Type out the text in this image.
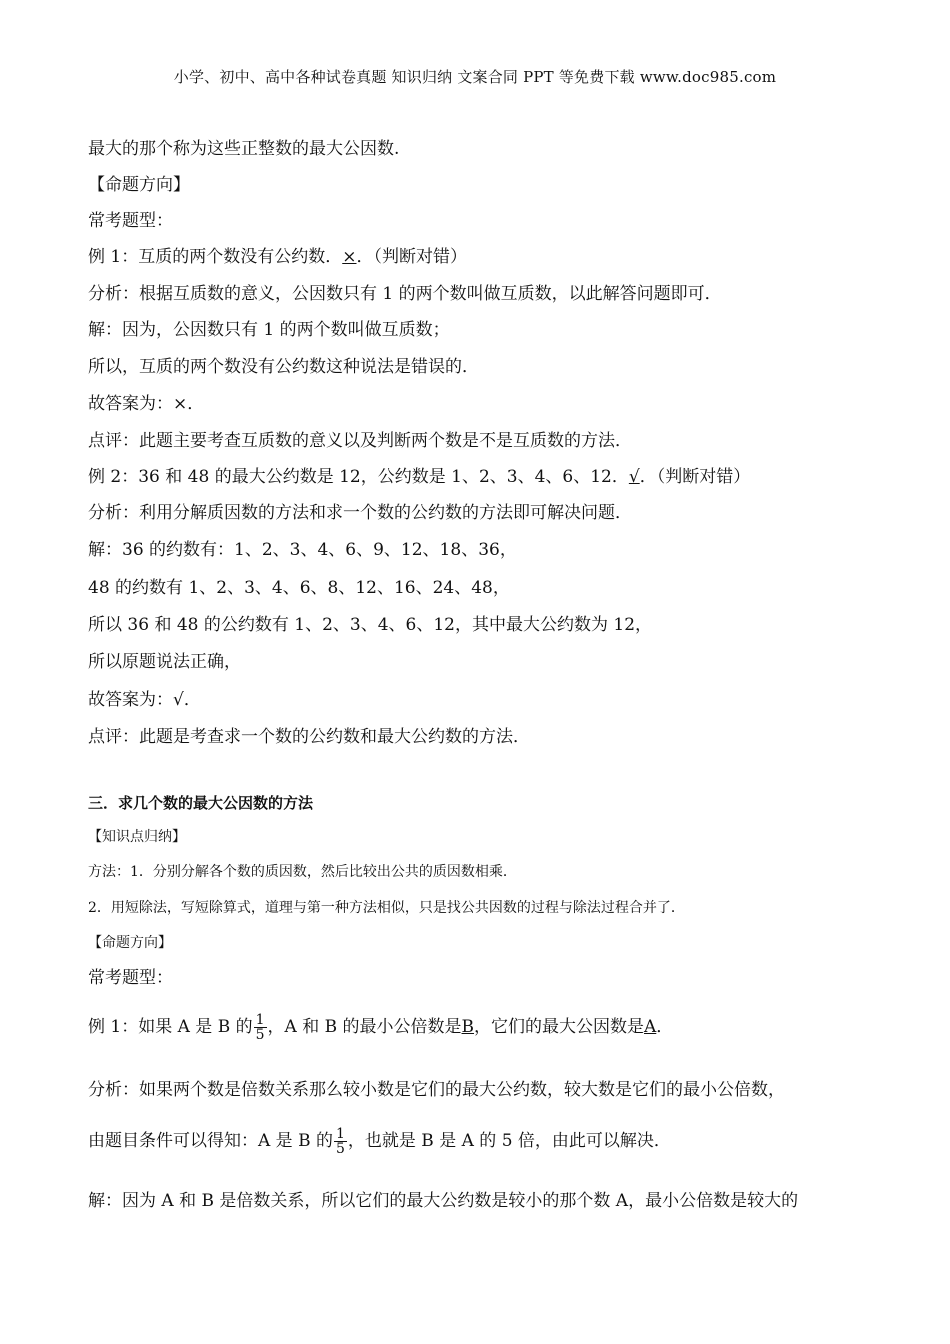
小学、初中、高中各种试卷真题 知识归纳 文案合同 PPT 等免费下载 www.doc985.com
最大的那个称为这些正整数的最大公因数.
【命题方向】
常考题型：
例 1：互质的两个数没有公约数．×．（判断对错）
分析：根据互质数的意义，公因数只有 1 的两个数叫做互质数，以此解答问题即可．
解：因为，公因数只有 1 的两个数叫做互质数；
所以，互质的两个数没有公约数这种说法是错误的．
故答案为：×．
点评：此题主要考查互质数的意义以及判断两个数是不是互质数的方法．
例 2：36 和 48 的最大公约数是 12，公约数是 1、2、3、4、6、12．√．（判断对错）
分析：利用分解质因数的方法和求一个数的公约数的方法即可解决问题．
解：36 的约数有：1、2、3、4、6、9、12、18、36，
48 的约数有 1、2、3、4、6、8、12、16、24、48，
所以 36 和 48 的公约数有 1、2、3、4、6、12，其中最大公约数为 12，
所以原题说法正确，
故答案为：√．
点评：此题是考查求一个数的公约数和最大公约数的方法．
三．求几个数的最大公因数的方法
【知识点归纳】
方法：1．分别分解各个数的质因数，然后比较出公共的质因数相乘．
2．用短除法，写短除算式，道理与第一种方法相似，只是找公共因数的过程与除法过程合并了．
【命题方向】
常考题型：
例 1：如果 A 是 B 的 $\frac{1}{5}$ ，A 和 B 的最小公倍数是B，它们的最大公因数是A．
分析：如果两个数是倍数关系那么较小数是它们的最大公约数，较大数是它们的最小公倍数，
由题目条件可以得知：A 是 B 的 $\frac{1}{5}$ ，也就是 B 是 A 的 5 倍，由此可以解决．
解：因为 A 和 B 是倍数关系，所以它们的最大公约数是较小的那个数 A，最小公倍数是较大的
